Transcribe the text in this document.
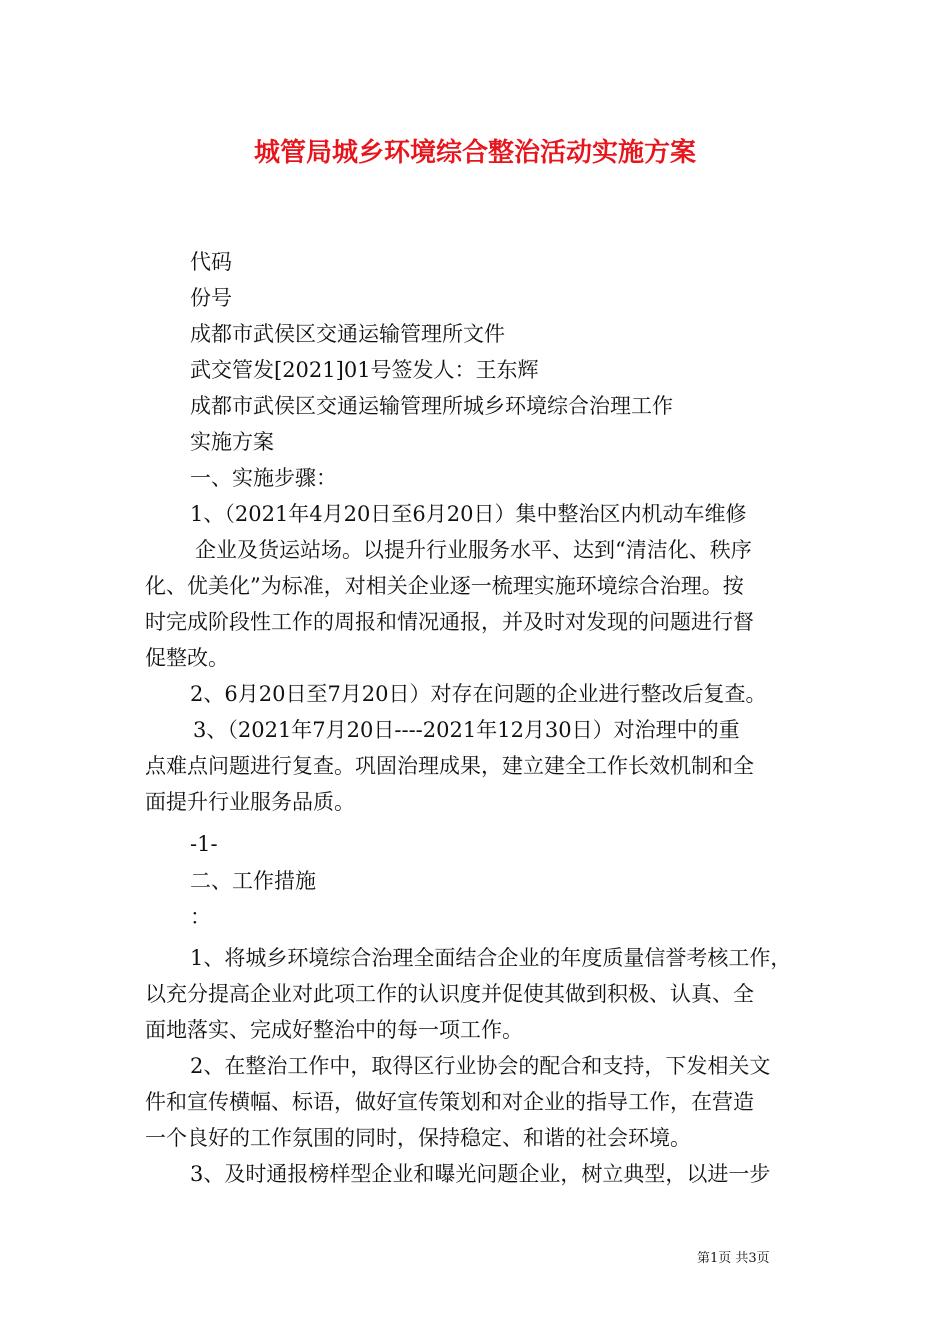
城管局城乡环境综合整治活动实施方案

代码

份号

成都市武侯区交通运输管理所文件

武交管发[2021]01号签发人：王东辉

成都市武侯区交通运输管理所城乡环境综合治理工作

实施方案

一、实施步骤：

1、（2021年4月20日至6月20日）集中整治区内机动车维修

企业及货运站场。以提升行业服务水平、达到“清洁化、秩序

化、优美化”为标准，对相关企业逐一梳理实施环境综合治理。按

时完成阶段性工作的周报和情况通报，并及时对发现的问题进行督

促整改。

2、6月20日至7月20日）对存在问题的企业进行整改后复查。

3、（2021年7月20日----2021年12月30日）对治理中的重

点难点问题进行复查。巩固治理成果，建立建全工作长效机制和全

面提升行业服务品质。

-1-

二、工作措施

：

1、将城乡环境综合治理全面结合企业的年度质量信誉考核工作，

以充分提高企业对此项工作的认识度并促使其做到积极、认真、全

面地落实、完成好整治中的每一项工作。

2、在整治工作中，取得区行业协会的配合和支持，下发相关文

件和宣传横幅、标语，做好宣传策划和对企业的指导工作，在营造

一个良好的工作氛围的同时，保持稳定、和谐的社会环境。

3、及时通报榜样型企业和曝光问题企业，树立典型，以进一步

第1页 共3页
